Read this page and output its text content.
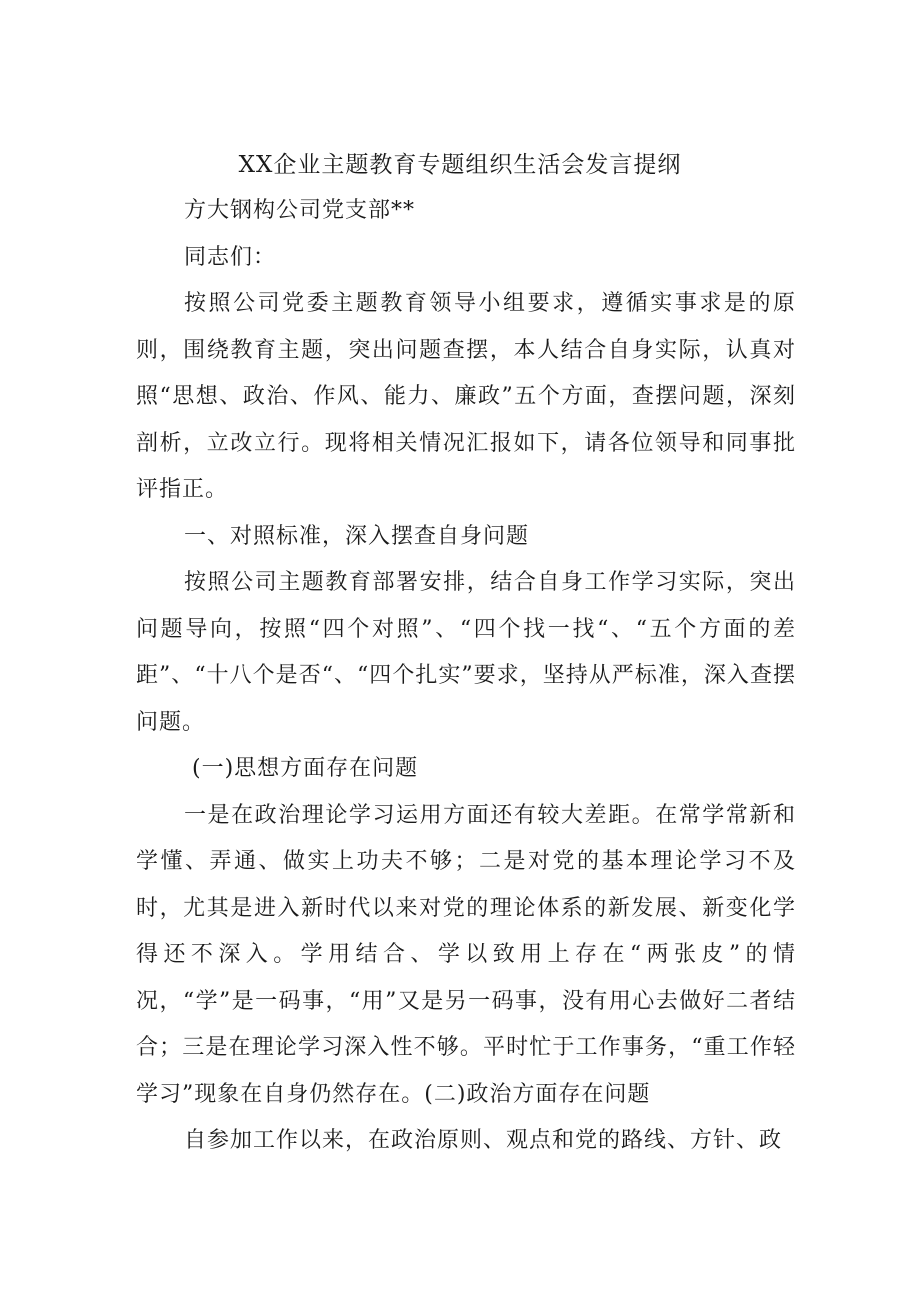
XX企业主题教育专题组织生活会发言提纲

方大钢构公司党支部**

同志们：

按照公司党委主题教育领导小组要求，遵循实事求是的原则，围绕教育主题，突出问题查摆，本人结合自身实际，认真对照“思想、政治、作风、能力、廉政”五个方面，查摆问题，深刻剖析，立改立行。现将相关情况汇报如下，请各位领导和同事批评指正。

一、对照标准，深入摆查自身问题

按照公司主题教育部署安排，结合自身工作学习实际，突出问题导向，按照“四个对照”、“四个找一找“、“五个方面的差距”、“十八个是否“、“四个扎实”要求，坚持从严标准，深入查摆问题。

(一)思想方面存在问题

一是在政治理论学习运用方面还有较大差距。在常学常新和学懂、弄通、做实上功夫不够；二是对党的基本理论学习不及时，尤其是进入新时代以来对党的理论体系的新发展、新变化学得还不深入。学用结合、学以致用上存在“两张皮”的情况，“学”是一码事，“用”又是另一码事，没有用心去做好二者结合；三是在理论学习深入性不够。平时忙于工作事务，“重工作轻学习”现象在自身仍然存在。(二)政治方面存在问题

自参加工作以来，在政治原则、观点和党的路线、方针、政
